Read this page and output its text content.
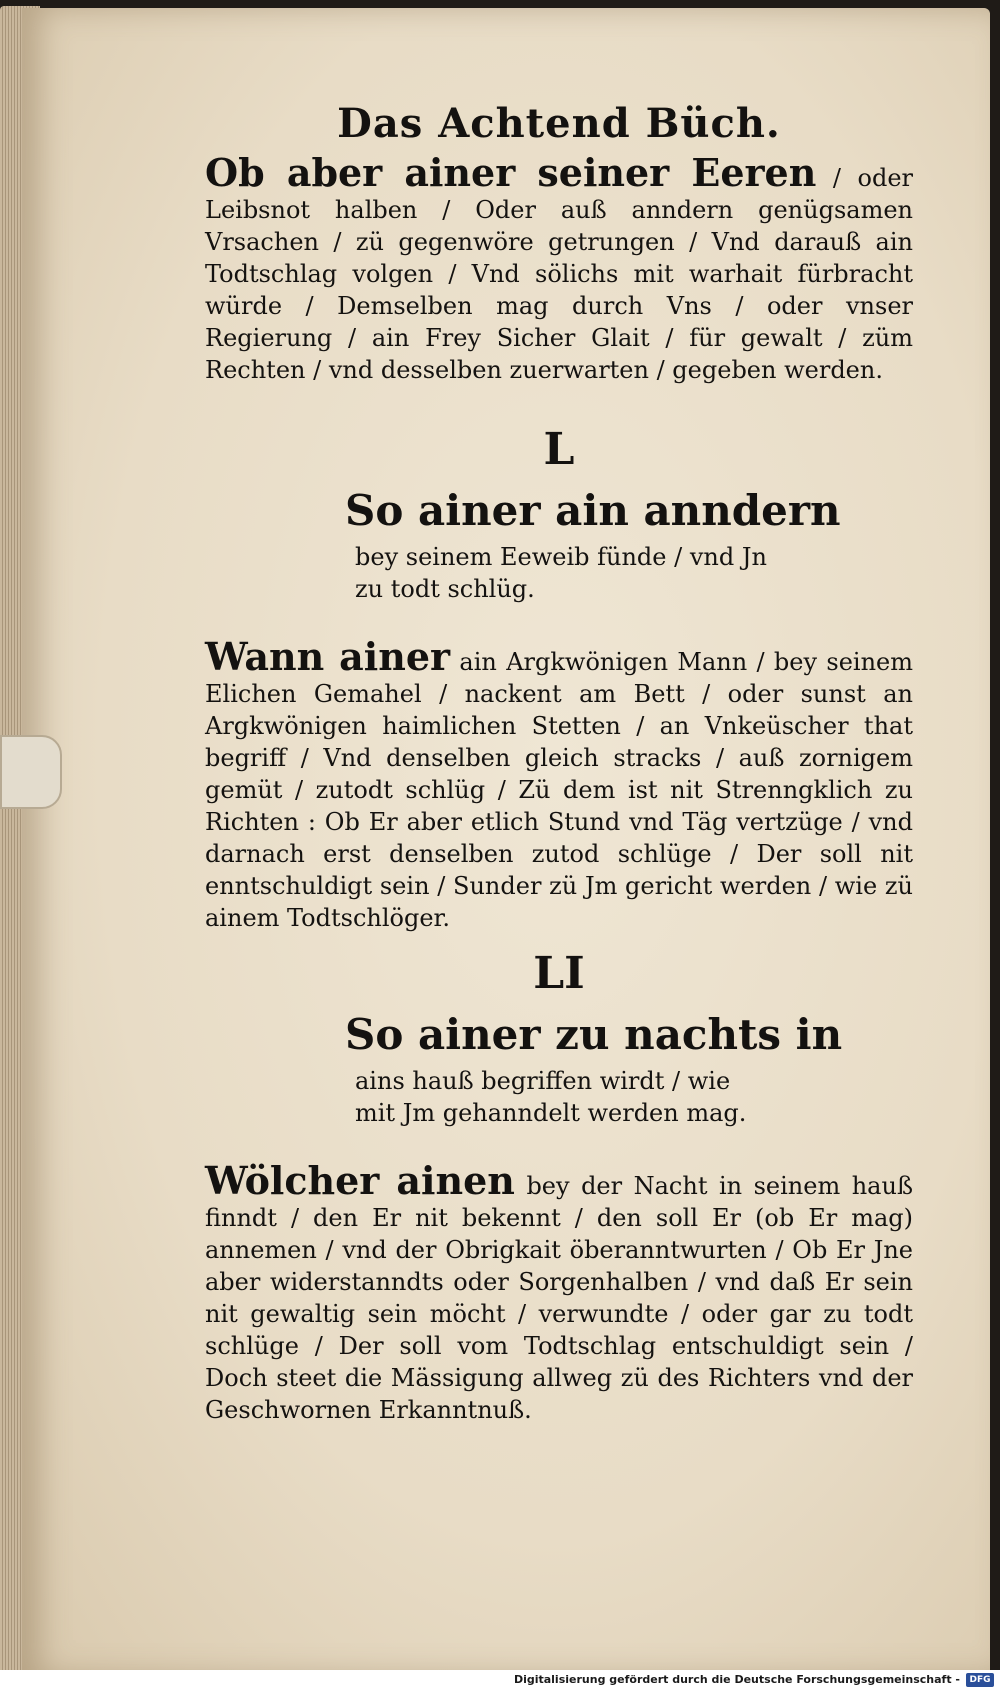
Das Achtend Büch.

Ob aber ainer seiner Eeren / oder Leibsnot halben / Oder auß anndern genügsamen Vrsachen / zü gegenwöre getrungen / Vnd darauß ain Todtschlag volgen / Vnd sölichs mit warhait fürbracht würde / Demselben mag durch Vns / oder vnser Regierung / ain Frey Sicher Glait / für gewalt / züm Rechten / vnd desselben zuerwarten / gegeben werden.

L
So ainer ain anndern
bey seinem Eeweib fünde / vnd Jn zu todt schlüg.

Wann ainer ain Argkwönigen Mann / bey seinem Elichen Gemahel / nackent am Bett / oder sunst an Argkwönigen haimlichen Stetten / an Vnkeüscher that begriff / Vnd denselben gleich stracks / auß zornigem gemüt / zutodt schlüg / Zü dem ist nit Strenngklich zu Richten : Ob Er aber etlich Stund vnd Täg vertzüge / vnd darnach erst denselben zutod schlüge / Der soll nit enntschuldigt sein / Sunder zü Jm gericht werden / wie zü ainem Todtschlöger.

LI
So ainer zu nachts in
ains hauß begriffen wirdt / wie mit Jm gehanndelt werden mag.

Wölcher ainen bey der Nacht in seinem hauß finndt / den Er nit bekennt / den soll Er (ob Er mag) annemen / vnd der Obrigkait öberanntwurten / Ob Er Jne aber widerstanndts oder Sorgenhalben / vnd daß Er sein nit gewaltig sein möcht / verwundte / oder gar zu todt schlüge / Der soll vom Todtschlag entschuldigt sein / Doch steet die Mässigung allweg zü des Richters vnd der Geschwornen Erkanntnuß.

Digitalisierung gefördert durch die Deutsche Forschungsgemeinschaft -	DFG
